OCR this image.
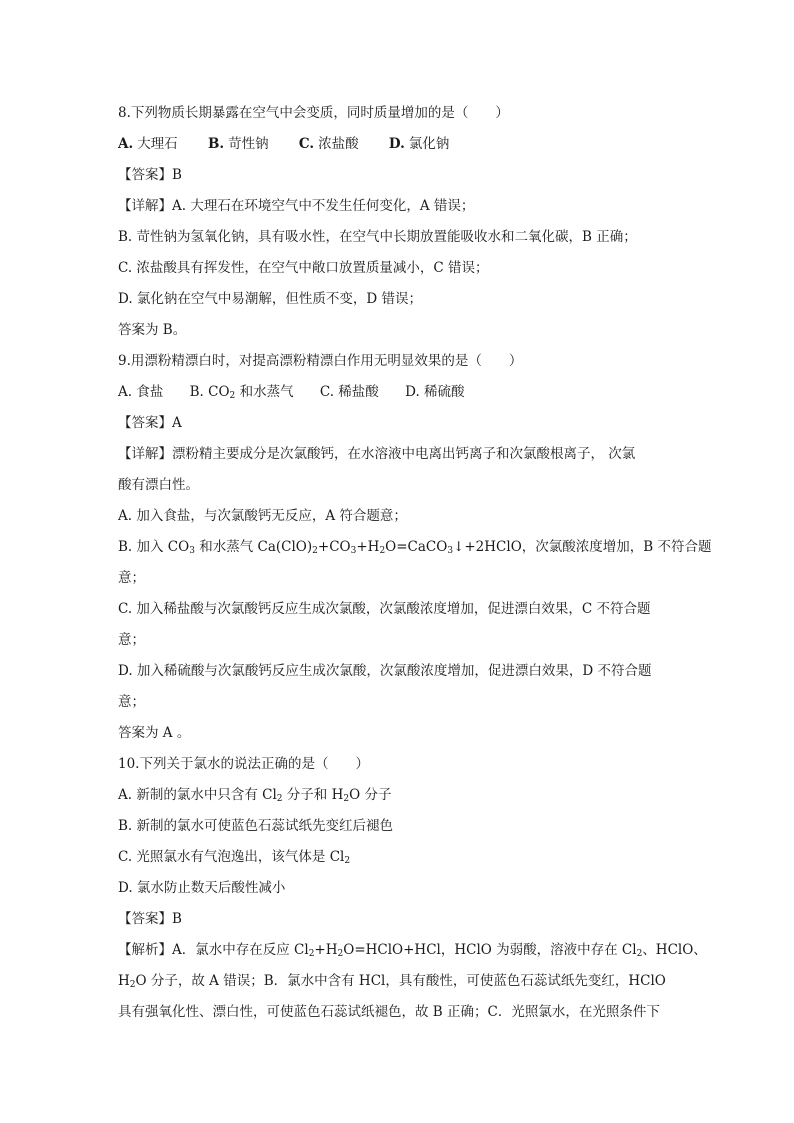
8.下列物质长期暴露在空气中会变质，同时质量增加的是（　　）
A. 大理石 B. 苛性钠 C. 浓盐酸 D. 氯化钠
【答案】B
【详解】A. 大理石在环境空气中不发生任何变化，A 错误；
B. 苛性钠为氢氧化钠，具有吸水性，在空气中长期放置能吸收水和二氧化碳，B 正确；
C. 浓盐酸具有挥发性，在空气中敞口放置质量减小，C 错误；
D. 氯化钠在空气中易潮解，但性质不变，D 错误；
答案为 B。
9.用漂粉精漂白时，对提高漂粉精漂白作用无明显效果的是（　　）
A. 食盐 B. $CO_2$ 和水蒸气 C. 稀盐酸 D. 稀硫酸
【答案】A
【详解】漂粉精主要成分是次氯酸钙，在水溶液中电离出钙离子和次氯酸根离子， 次氯
酸有漂白性。
A. 加入食盐，与次氯酸钙无反应，A 符合题意；
B. 加入 $CO_3$ 和水蒸气 $Ca(ClO)_2+CO_3+H_2O=CaCO_3↓+2HClO$，次氯酸浓度增加，B 不符合题
意；
C. 加入稀盐酸与次氯酸钙反应生成次氯酸，次氯酸浓度增加，促进漂白效果，C 不符合题
意；
D. 加入稀硫酸与次氯酸钙反应生成次氯酸，次氯酸浓度增加，促进漂白效果，D 不符合题
意；
答案为 A 。
10.下列关于氯水的说法正确的是（　　）
A. 新制的氯水中只含有 $Cl_2$ 分子和 $H_2O$ 分子
B. 新制的氯水可使蓝色石蕊试纸先变红后褪色
C. 光照氯水有气泡逸出，该气体是 $Cl_2$
D. 氯水防止数天后酸性减小
【答案】B
【解析】A．氯水中存在反应 $Cl_2+H_2O=HClO+HCl$，HClO 为弱酸，溶液中存在 $Cl_2$、HClO、
$H_2O$ 分子，故 A 错误；B．氯水中含有 HCl，具有酸性，可使蓝色石蕊试纸先变红，HClO
具有强氧化性、漂白性，可使蓝色石蕊试纸褪色，故 B 正确；C．光照氯水，在光照条件下
